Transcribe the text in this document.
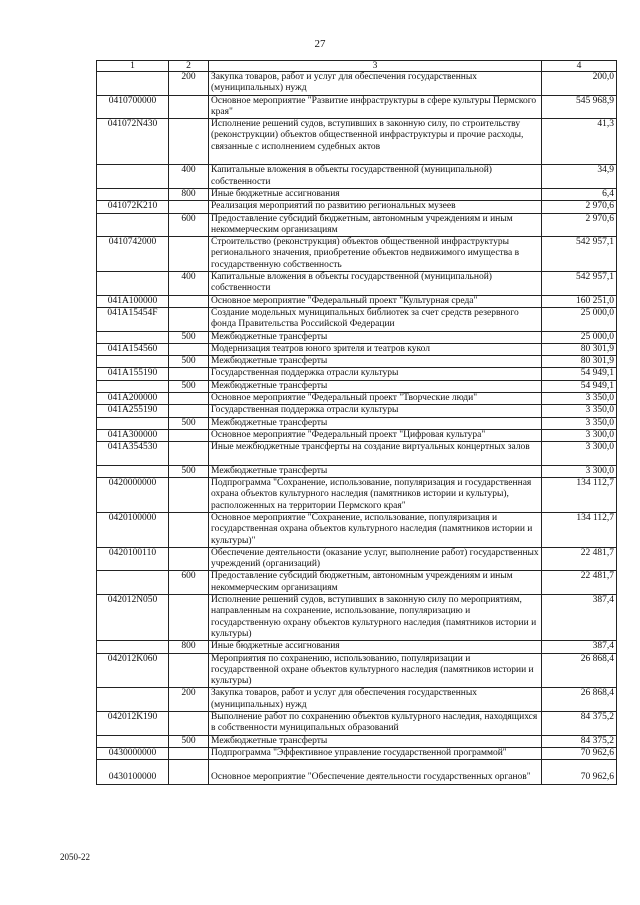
27
1	2	3	4
	200	Закупка товаров, работ и услуг для обеспечения государственных (муниципальных) нужд	200,0
0410700000		Основное мероприятие "Развитие инфраструктуры в сфере культуры Пермского края"	545 968,9
041072N430		Исполнение решений судов, вступивших в законную силу, по строительству (реконструкции) объектов общественной инфраструктуры и прочие расходы, связанные с исполнением судебных актов	41,3
	400	Капитальные вложения в объекты государственной (муниципальной) собственности	34,9
	800	Иные бюджетные ассигнования	6,4
041072K210		Реализация мероприятий по развитию региональных музеев	2 970,6
	600	Предоставление субсидий бюджетным, автономным учреждениям и иным некоммерческим организациям	2 970,6
0410742000		Строительство (реконструкция) объектов общественной инфраструктуры регионального значения, приобретение объектов недвижимого имущества в государственную собственность	542 957,1
	400	Капитальные вложения в объекты государственной (муниципальной) собственности	542 957,1
041A100000		Основное мероприятие "Федеральный проект "Культурная среда"	160 251,0
041A15454F		Создание модельных муниципальных библиотек за счет средств резервного фонда Правительства Российской Федерации	25 000,0
	500	Межбюджетные трансферты	25 000,0
041A154560		Модернизация театров юного зрителя и театров кукол	80 301,9
	500	Межбюджетные трансферты	80 301,9
041A155190		Государственная поддержка отрасли культуры	54 949,1
	500	Межбюджетные трансферты	54 949,1
041A200000		Основное мероприятие "Федеральный проект "Творческие люди"	3 350,0
041A255190		Государственная поддержка отрасли культуры	3 350,0
	500	Межбюджетные трансферты	3 350,0
041A300000		Основное мероприятие "Федеральный проект "Цифровая культура"	3 300,0
041A354530		Иные межбюджетные трансферты на создание виртуальных концертных залов	3 300,0
	500	Межбюджетные трансферты	3 300,0
0420000000		Подпрограмма "Сохранение, использование, популяризация и государственная охрана объектов культурного наследия (памятников истории и культуры), расположенных на территории Пермского края"	134 112,7
0420100000		Основное мероприятие "Сохранение, использование, популяризация и государственная охрана объектов культурного наследия (памятников истории и культуры)"	134 112,7
0420100110		Обеспечение деятельности (оказание услуг, выполнение работ) государственных учреждений (организаций)	22 481,7
	600	Предоставление субсидий бюджетным, автономным учреждениям и иным некоммерческим организациям	22 481,7
042012N050		Исполнение решений судов, вступивших в законную силу по мероприятиям, направленным на сохранение, использование, популяризацию и государственную охрану объектов культурного наследия (памятников истории и культуры)	387,4
	800	Иные бюджетные ассигнования	387,4
042012K060		Мероприятия по сохранению, использованию, популяризации и государственной охране объектов культурного наследия (памятников истории и культуры)	26 868,4
	200	Закупка товаров, работ и услуг для обеспечения государственных (муниципальных) нужд	26 868,4
042012K190		Выполнение работ по сохранению объектов культурного наследия, находящихся в собственности муниципальных образований	84 375,2
	500	Межбюджетные трансферты	84 375,2
0430000000		Подпрограмма "Эффективное управление государственной программой"	70 962,6
0430100000		Основное мероприятие "Обеспечение деятельности государственных органов"	70 962,6
2050-22
